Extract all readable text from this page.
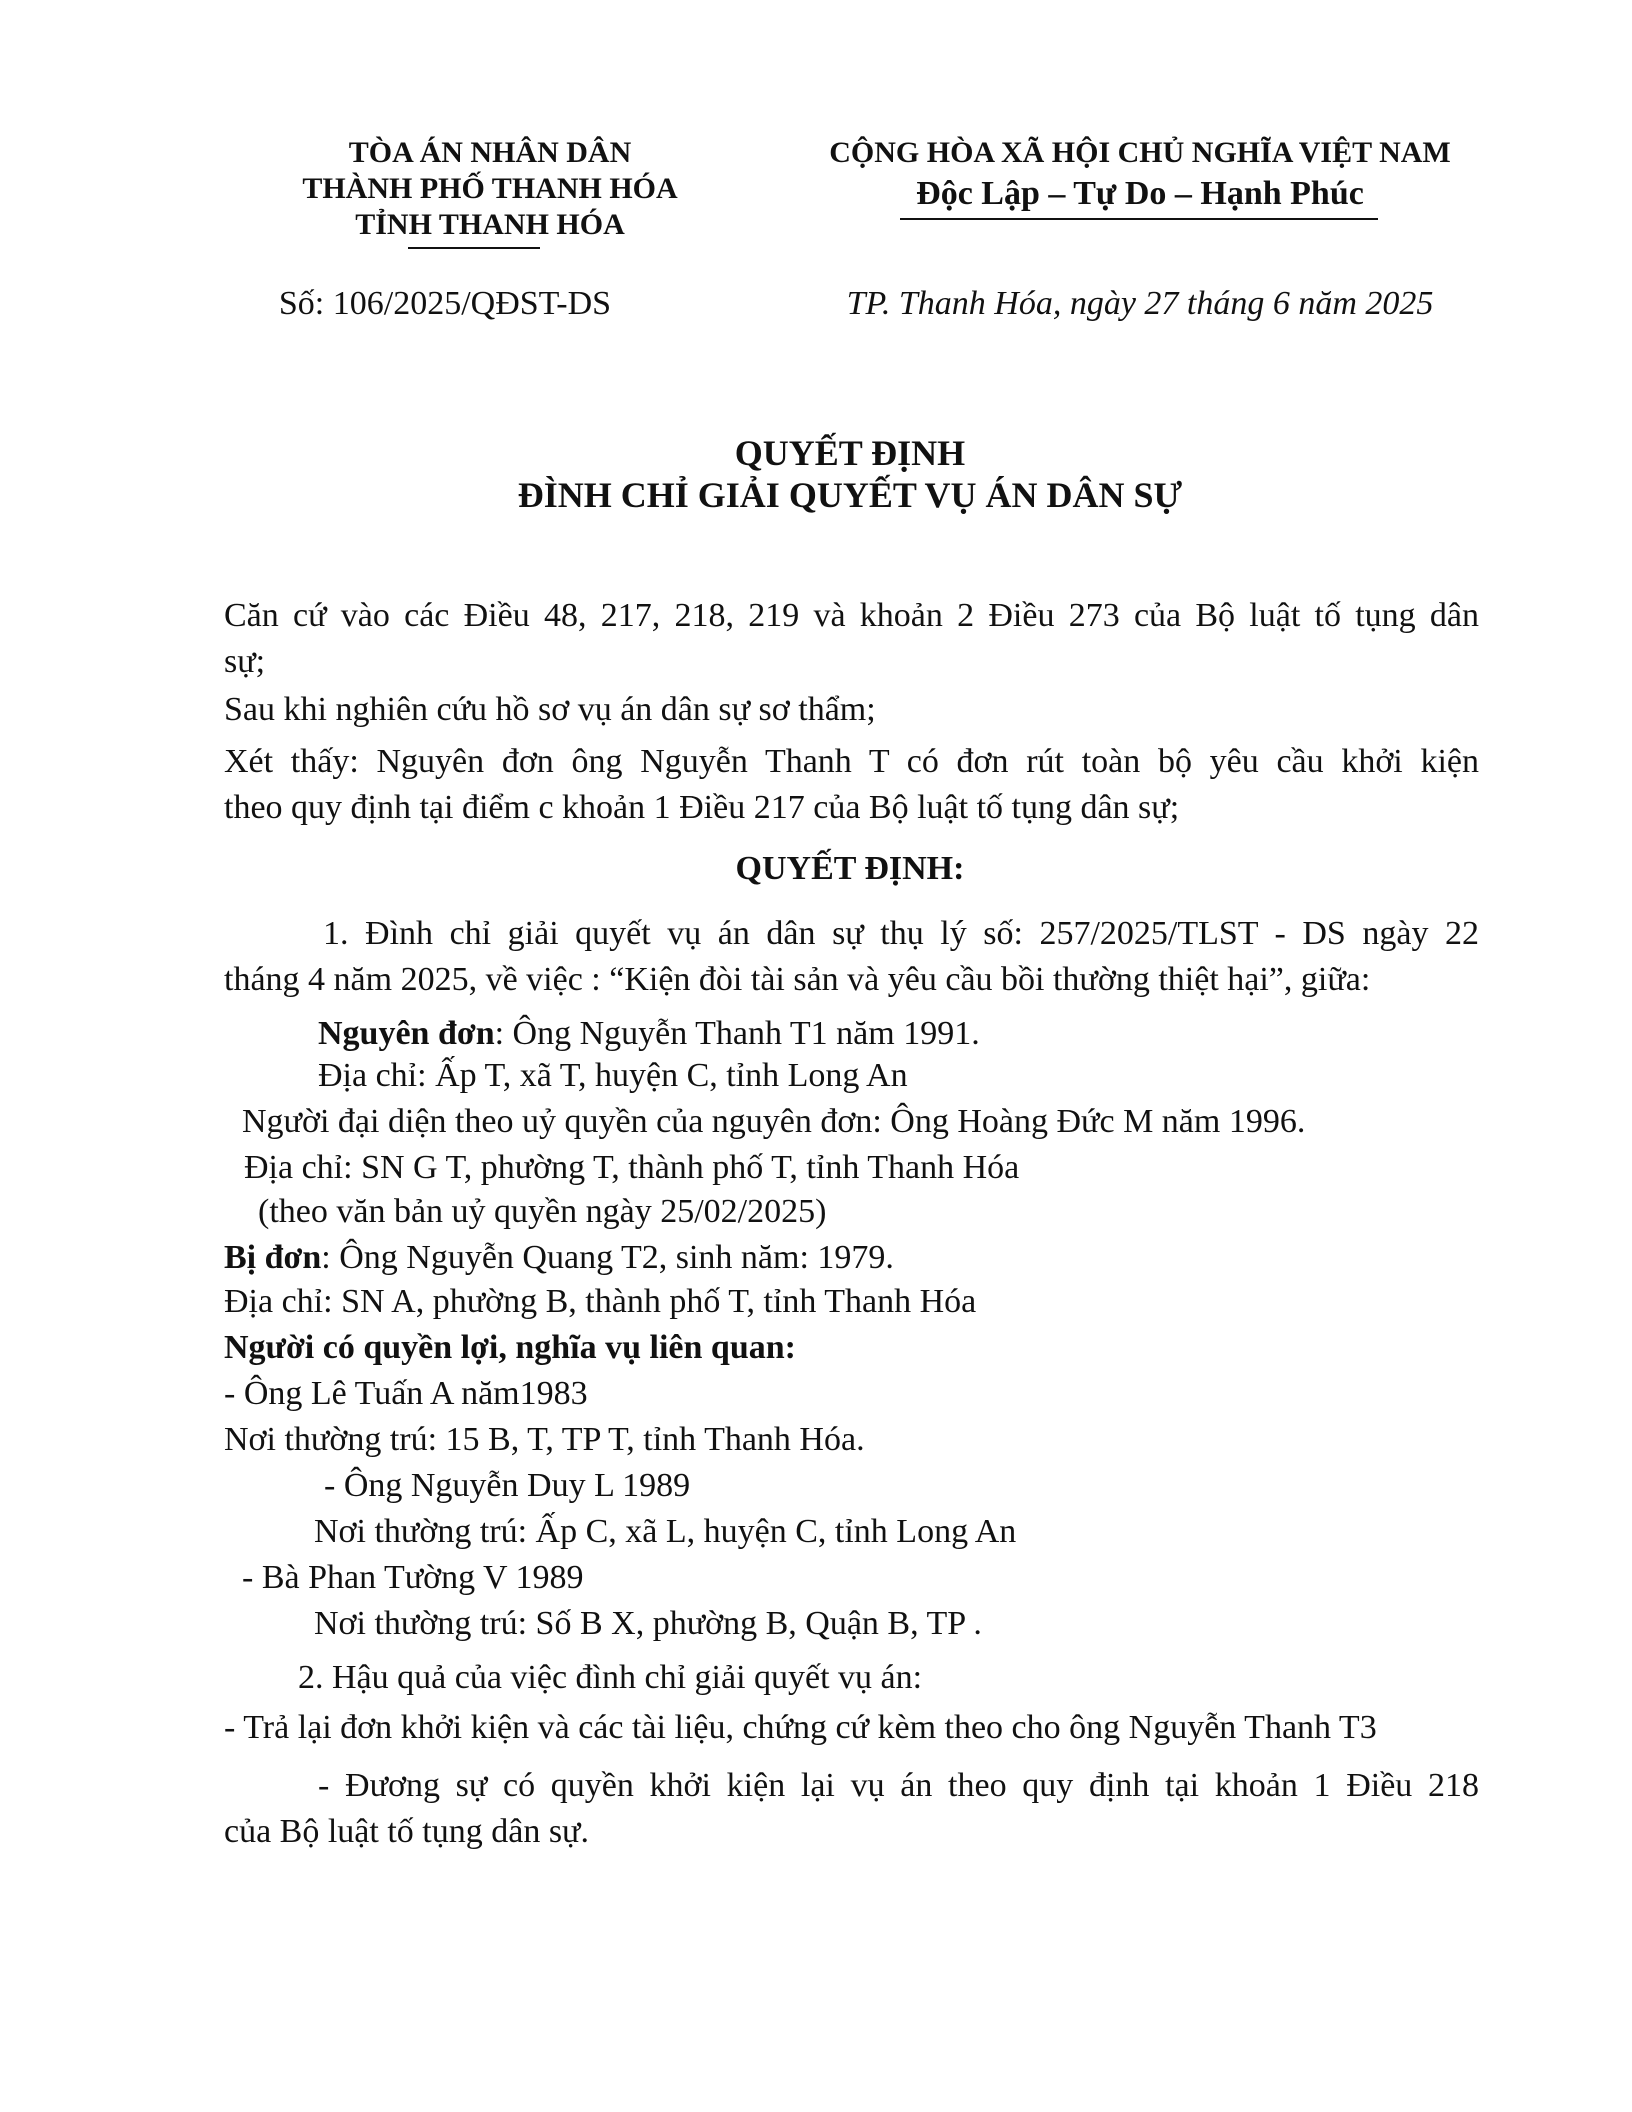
TÒA ÁN NHÂN DÂN
THÀNH PHỐ THANH HÓA
TỈNH THANH HÓA
CỘNG HÒA XÃ HỘI CHỦ NGHĨA VIỆT NAM
Độc Lập – Tự Do – Hạnh Phúc
Số: 106/2025/QĐST-DS	TP. Thanh Hóa, ngày 27 tháng 6 năm 2025
QUYẾT ĐỊNH
ĐÌNH CHỈ GIẢI QUYẾT VỤ ÁN DÂN SỰ
Căn cứ vào các Điều 48, 217, 218, 219 và khoản 2 Điều 273 của Bộ luật tố tụng dân
sự;
Sau khi nghiên cứu hồ sơ vụ án dân sự sơ thẩm;
Xét thấy: Nguyên đơn ông Nguyễn Thanh T có đơn rút toàn bộ yêu cầu khởi kiện
theo quy định tại điểm c khoản 1 Điều 217 của Bộ luật tố tụng dân sự;
QUYẾT ĐỊNH:
1. Đình chỉ giải quyết vụ án dân sự thụ lý số: 257/2025/TLST - DS ngày 22
tháng 4 năm 2025, về việc : “Kiện đòi tài sản và yêu cầu bồi thường thiệt hại”, giữa:
Nguyên đơn: Ông Nguyễn Thanh T1 năm 1991.
Địa chỉ: Ấp T, xã T, huyện C, tỉnh Long An
Người đại diện theo uỷ quyền của nguyên đơn: Ông Hoàng Đức M năm 1996.
Địa chỉ: SN G T, phường T, thành phố T, tỉnh Thanh Hóa
(theo văn bản uỷ quyền ngày 25/02/2025)
Bị đơn: Ông Nguyễn Quang T2, sinh năm: 1979.
Địa chỉ: SN A, phường B, thành phố T, tỉnh Thanh Hóa
Người có quyền lợi, nghĩa vụ liên quan:
- Ông Lê Tuấn A năm1983
Nơi thường trú: 15 B, T, TP T, tỉnh Thanh Hóa.
- Ông Nguyễn Duy L 1989
Nơi thường trú: Ấp C, xã L, huyện C, tỉnh Long An
- Bà Phan Tường V 1989
Nơi thường trú: Số B X, phường B, Quận B, TP .
2. Hậu quả của việc đình chỉ giải quyết vụ án:
- Trả lại đơn khởi kiện và các tài liệu, chứng cứ kèm theo cho ông Nguyễn Thanh T3
- Đương sự có quyền khởi kiện lại vụ án theo quy định tại khoản 1 Điều 218
của Bộ luật tố tụng dân sự.
